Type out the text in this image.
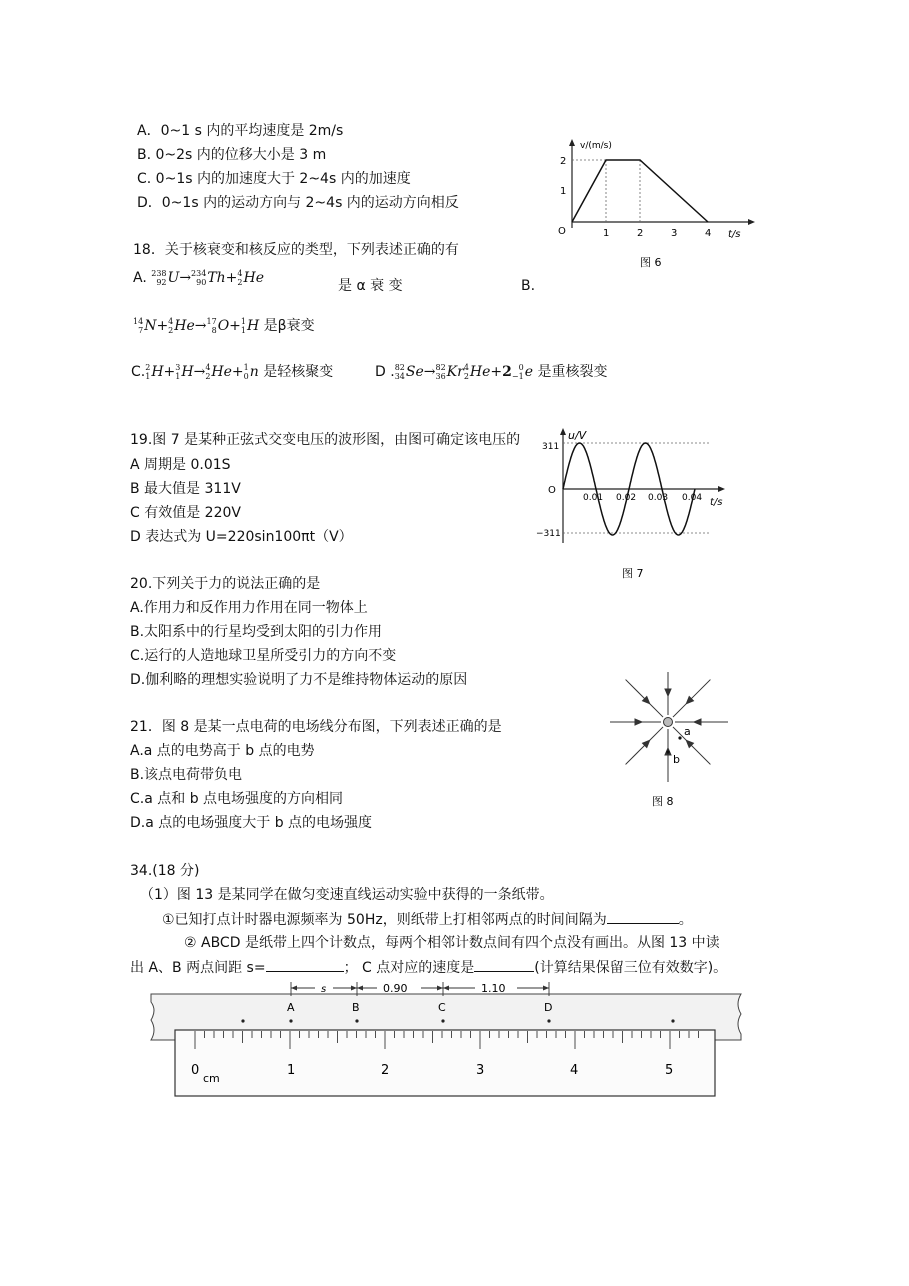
A．0~1 s 内的平均速度是 2m/s
B. 0~2s 内的位移大小是 3 m
C. 0~1s 内的加速度大于 2~4s 内的加速度
D．0~1s 内的运动方向与 2~4s 内的运动方向相反
v/(m/s)
2
1
O	1	2	3	4 t/s
图 6
18．关于核衰变和核反应的类型，下列表述正确的有
A. 238
92U→234
90Th+4
2He	是 α 衰 变	B.
14
7N+4
2He→17
8O+1
1H 是β衰变
C.2
1H+3
1H→4
2He+1
0n 是轻核聚变	D .82
34Se→82
36Kr4
2He+2 0
−1e 是重核裂变
19.图 7 是某种正弦式交变电压的波形图，由图可确定该电压的
A 周期是 0.01S
B 最大值是 311V
C 有效值是 220V
D 表达式为 U=220sin100πt（V）
u/V
311
−311
O
0.01 0.02 0.03 0.04 t/s
图 7
20.下列关于力的说法正确的是
A.作用力和反作用力作用在同一物体上
B.太阳系中的行星均受到太阳的引力作用
C.运行的人造地球卫星所受引力的方向不变
D.伽利略的理想实验说明了力不是维持物体运动的原因
21．图 8 是某一点电荷的电场线分布图，下列表述正确的是
A.a 点的电势高于 b 点的电势
B.该点电荷带负电
C.a 点和 b 点电场强度的方向相同
D.a 点的电场强度大于 b 点的电场强度
a
b
图 8
34.(18 分)
（1）图 13 是某同学在做匀变速直线运动实验中获得的一条纸带。
①已知打点计时器电源频率为 50Hz，则纸带上打相邻两点的时间间隔为	。
② ABCD 是纸带上四个计数点，每两个相邻计数点间有四个点没有画出。从图 13 中读
出 A、B 两点间距 s=	； C 点对应的速度是	(计算结果保留三位有效数字)。
s	0.90	1.10
A	B	C	D
0
cm
1	2	3	4	5
